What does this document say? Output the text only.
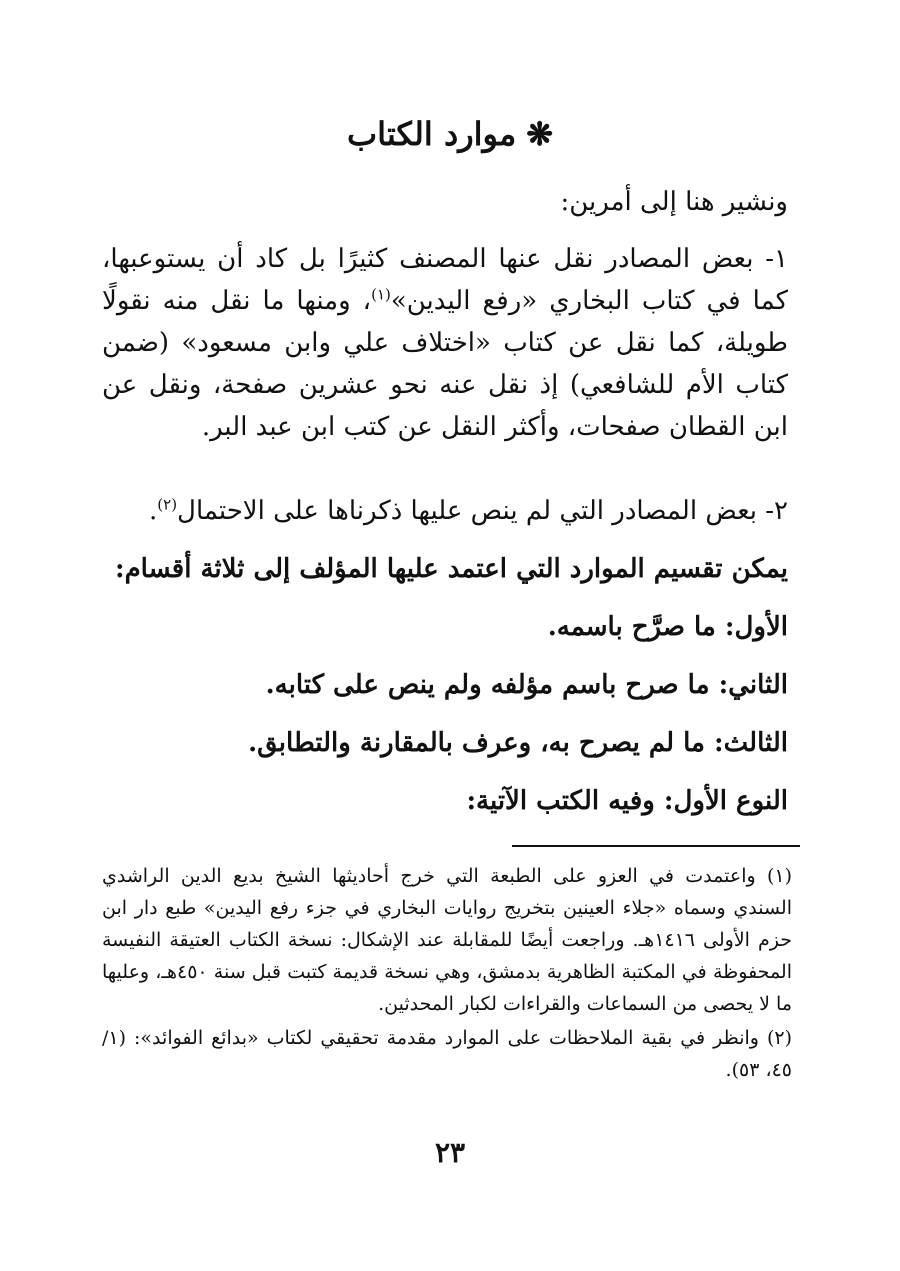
❋موارد الكتاب
ونشير هنا إلى أمرين:
١- بعض المصادر نقل عنها المصنف كثيرًا بل كاد أن يستوعبها، كما في كتاب البخاري «رفع اليدين»$^{(١)}$، ومنها ما نقل منه نقولًا طويلة، كما نقل عن كتاب «اختلاف علي وابن مسعود» (ضمن كتاب الأم للشافعي) إذ نقل عنه نحو عشرين صفحة، ونقل عن ابن القطان صفحات، وأكثر النقل عن كتب ابن عبد البر.
٢- بعض المصادر التي لم ينص عليها ذكرناها على الاحتمال$^{(٢)}$.
يمكن تقسيم الموارد التي اعتمد عليها المؤلف إلى ثلاثة أقسام:
الأول: ما صرَّح باسمه.
الثاني: ما صرح باسم مؤلفه ولم ينص على كتابه.
الثالث: ما لم يصرح به، وعرف بالمقارنة والتطابق.
النوع الأول: وفيه الكتب الآتية:
(١) واعتمدت في العزو على الطبعة التي خرج أحاديثها الشيخ بديع الدين الراشدي السندي وسماه «جلاء العينين بتخريج روايات البخاري في جزء رفع اليدين» طبع دار ابن حزم الأولى ١٤١٦هـ. وراجعت أيضًا للمقابلة عند الإشكال: نسخة الكتاب العتيقة النفيسة المحفوظة في المكتبة الظاهرية بدمشق، وهي نسخة قديمة كتبت قبل سنة ٤٥٠هـ، وعليها ما لا يحصى من السماعات والقراءات لكبار المحدثين.
(٢) وانظر في بقية الملاحظات على الموارد مقدمة تحقيقي لكتاب «بدائع الفوائد»: (١/ ٤٥، ٥٣).
٢٣
